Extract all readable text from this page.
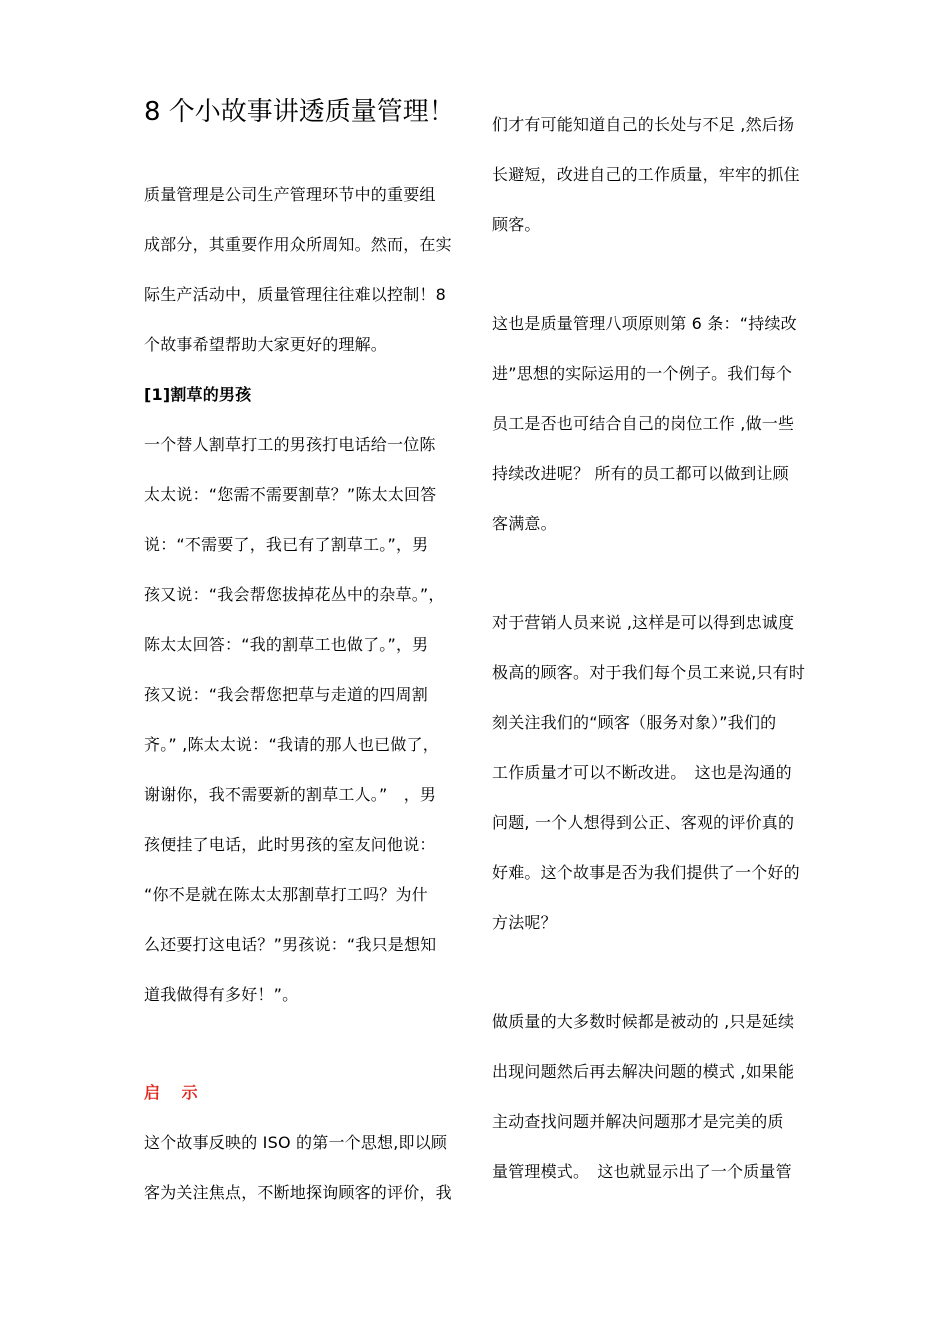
8 个小故事讲透质量管理！
质量管理是公司生产管理环节中的重要组
成部分，其重要作用众所周知。然而，在实
际生产活动中，质量管理往往难以控制！8
个故事希望帮助大家更好的理解。
[1]割草的男孩
一个替人割草打工的男孩打电话给一位陈
太太说：“您需不需要割草？”陈太太回答
说：“不需要了，我已有了割草工。”，男
孩又说：“我会帮您拔掉花丛中的杂草。”，
陈太太回答：“我的割草工也做了。”，男
孩又说：“我会帮您把草与走道的四周割
齐。” ,陈太太说：“我请的那人也已做了，
谢谢你，我不需要新的割草工人。”　，男
孩便挂了电话，此时男孩的室友问他说：
“你不是就在陈太太那割草打工吗？为什
么还要打这电话？”男孩说：“我只是想知
道我做得有多好！”。
启 示
这个故事反映的 ISO 的第一个思想,即以顾
客为关注焦点，不断地探询顾客的评价，我
们才有可能知道自己的长处与不足 ,然后扬
长避短，改进自己的工作质量，牢牢的抓住
顾客。
这也是质量管理八项原则第 6 条：“持续改
进”思想的实际运用的一个例子。我们每个
员工是否也可结合自己的岗位工作 ,做一些
持续改进呢？ 所有的员工都可以做到让顾
客满意。
对于营销人员来说 ,这样是可以得到忠诚度
极高的顾客。对于我们每个员工来说,只有时
刻关注我们的“顾客（服务对象）”我们的
工作质量才可以不断改进。　这也是沟通的
问题, 一个人想得到公正、客观的评价真的
好难。这个故事是否为我们提供了一个好的
方法呢？
做质量的大多数时候都是被动的 ,只是延续
出现问题然后再去解决问题的模式 ,如果能
主动查找问题并解决问题那才是完美的质
量管理模式。　这也就显示出了一个质量管
